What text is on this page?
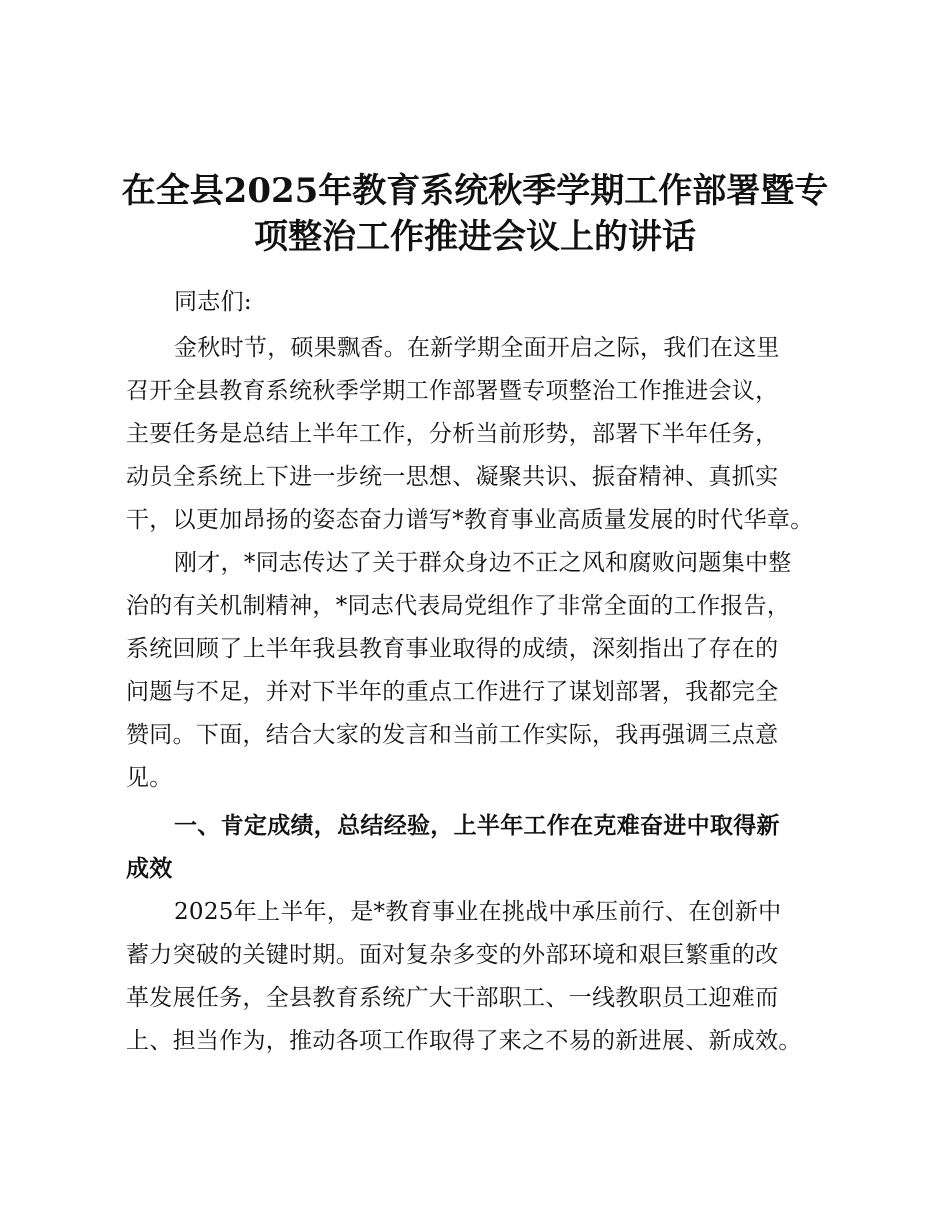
在全县2025年教育系统秋季学期工作部署暨专
项整治工作推进会议上的讲话
同志们:
金秋时节，硕果飘香。在新学期全面开启之际，我们在这里
召开全县教育系统秋季学期工作部署暨专项整治工作推进会议，
主要任务是总结上半年工作，分析当前形势，部署下半年任务，
动员全系统上下进一步统一思想、凝聚共识、振奋精神、真抓实
干，以更加昂扬的姿态奋力谱写*教育事业高质量发展的时代华章。
刚才，*同志传达了关于群众身边不正之风和腐败问题集中整
治的有关机制精神，*同志代表局党组作了非常全面的工作报告，
系统回顾了上半年我县教育事业取得的成绩，深刻指出了存在的
问题与不足，并对下半年的重点工作进行了谋划部署，我都完全
赞同。下面，结合大家的发言和当前工作实际，我再强调三点意
见。
一、肯定成绩，总结经验，上半年工作在克难奋进中取得新
成效
2025年上半年，是*教育事业在挑战中承压前行、在创新中
蓄力突破的关键时期。面对复杂多变的外部环境和艰巨繁重的改
革发展任务，全县教育系统广大干部职工、一线教职员工迎难而
上、担当作为，推动各项工作取得了来之不易的新进展、新成效。
